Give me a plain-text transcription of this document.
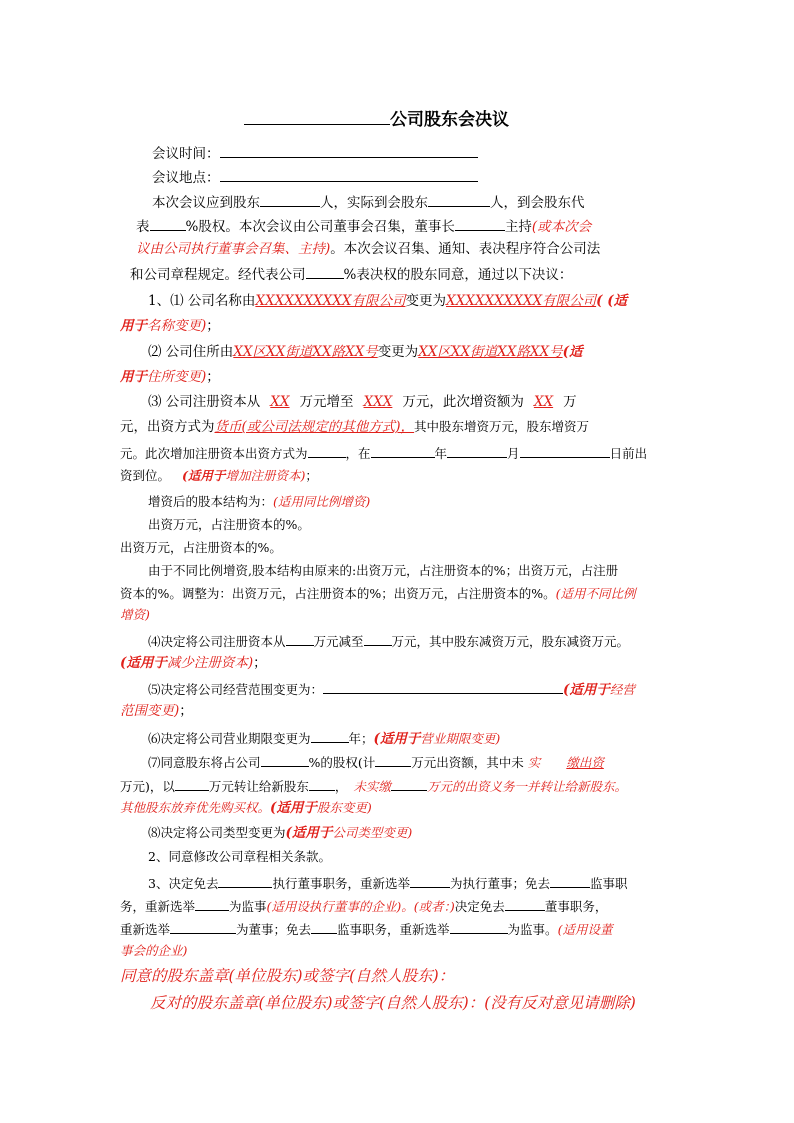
公司股东会决议
会议时间：
会议地点：
本次会议应到股东	人，实际到会股东	人，到会股东代
表	%股权。本次会议由公司董事会召集，董事长	主持(或本次会
议由公司执行董事会召集、主持)。本次会议召集、通知、表决程序符合公司法
和公司章程规定。经代表公司	%表决权的股东同意，通过以下决议：
1、⑴ 公司名称由XXXXXXXXXX有限公司变更为XXXXXXXXXX有限公司( (适
用于名称变更)；
⑵ 公司住所由XX区XX街道XX路XX号变更为XX区XX街道XX路XX号(适
用于住所变更)；
⑶ 公司注册资本从 XX 万元增至 XXX 万元，此次增资额为 XX 万
元，出资方式为货币(或公司法规定的其他方式)，其中股东增资万元，股东增资万
元。此次增加注册资本出资方式为	，在	年	月	日前出
资到位。 (适用于增加注册资本)；
增资后的股本结构为：(适用同比例增资)
出资万元，占注册资本的%。
出资万元，占注册资本的%。
由于不同比例增资,股本结构由原来的:出资万元，占注册资本的%；出资万元，占注册
资本的%。调整为：出资万元，占注册资本的%；出资万元，占注册资本的%。(适用不同比例
增资)
⑷决定将公司注册资本从 万元减至 万元，其中股东减资万元，股东减资万元。
(适用于减少注册资本)；
⑸决定将公司经营范围变更为：	(适用于经营
范围变更)；
⑹决定将公司营业期限变更为	年；(适用于营业期限变更)
⑺同意股东将占公司	%的股权(计	万元出资额，其中未 实 缴出资
万元)，以	万元转让给新股东 ， 未实缴	万元的出资义务一并转让给新股东。
其他股东放弃优先购买权。(适用于股东变更)
⑻决定将公司类型变更为(适用于公司类型变更)
2、同意修改公司章程相关条款。
3、决定免去	执行董事职务，重新选举	为执行董事；免去	监事职
务，重新选举	为监事(适用设执行董事的企业)。(或者：)决定免去	董事职务，
重新选举	为董事；免去 监事职务，重新选举	为监事。(适用设董
事会的企业)
同意的股东盖章(单位股东)或签字(自然人股东)：
反对的股东盖章(单位股东)或签字(自然人股东)：(没有反对意见请删除)
